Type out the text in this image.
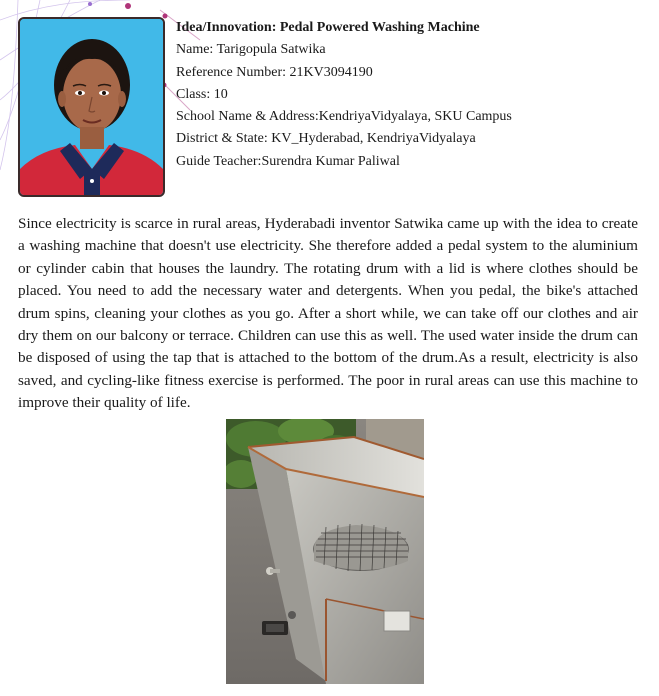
Idea/Innovation: Pedal Powered Washing Machine
Name: Tarigopula Satwika
Reference Number: 21KV3094190
Class: 10
School Name & Address:KendriyaVidyalaya, SKU Campus
District & State: KV_Hyderabad, KendriyaVidyalaya
Guide Teacher:Surendra Kumar Paliwal
Since electricity is scarce in rural areas, Hyderabadi inventor Satwika came up with the idea to create a washing machine that doesn't use electricity. She therefore added a pedal system to the aluminium or cylinder cabin that houses the laundry. The rotating drum with a lid is where clothes should be placed. You need to add the necessary water and detergents. When you pedal, the bike's attached drum spins, cleaning your clothes as you go. After a short while, we can take off our clothes and air dry them on our balcony or terrace. Children can use this as well. The used water inside the drum can be disposed of using the tap that is attached to the bottom of the drum.As a result, electricity is also saved, and cycling-like fitness exercise is performed. The poor in rural areas can use this machine to improve their quality of life.
